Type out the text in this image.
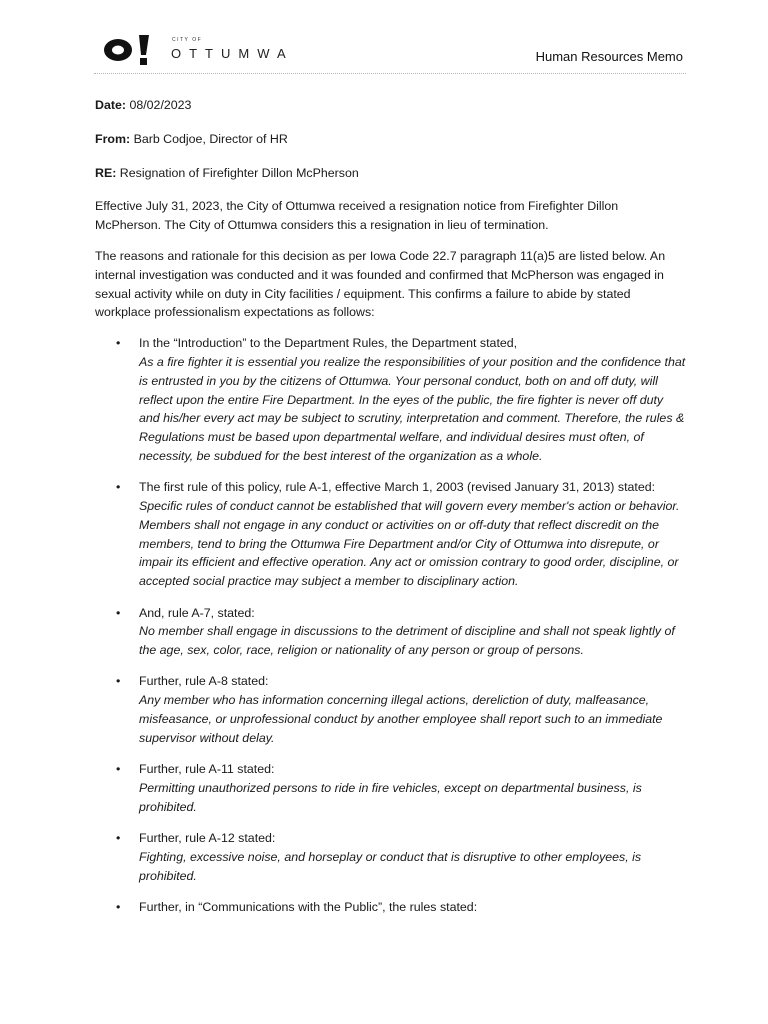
CITY OF
OTTUMWA	Human Resources Memo

Date: 08/02/2023

From: Barb Codjoe, Director of HR

RE: Resignation of Firefighter Dillon McPherson

Effective July 31, 2023, the City of Ottumwa received a resignation notice from Firefighter Dillon McPherson. The City of Ottumwa considers this a resignation in lieu of termination.

The reasons and rationale for this decision as per Iowa Code 22.7 paragraph 11(a)5 are listed below. An internal investigation was conducted and it was founded and confirmed that McPherson was engaged in sexual activity while on duty in City facilities / equipment. This confirms a failure to abide by stated workplace professionalism expectations as follows:

• In the “Introduction” to the Department Rules, the Department stated,
As a fire fighter it is essential you realize the responsibilities of your position and the confidence that is entrusted in you by the citizens of Ottumwa. Your personal conduct, both on and off duty, will reflect upon the entire Fire Department. In the eyes of the public, the fire fighter is never off duty and his/her every act may be subject to scrutiny, interpretation and comment. Therefore, the rules & Regulations must be based upon departmental welfare, and individual desires must often, of necessity, be subdued for the best interest of the organization as a whole.
• The first rule of this policy, rule A-1, effective March 1, 2003 (revised January 31, 2013) stated:
Specific rules of conduct cannot be established that will govern every member's action or behavior. Members shall not engage in any conduct or activities on or off-duty that reflect discredit on the members, tend to bring the Ottumwa Fire Department and/or City of Ottumwa into disrepute, or impair its efficient and effective operation. Any act or omission contrary to good order, discipline, or accepted social practice may subject a member to disciplinary action.
• And, rule A-7, stated:
No member shall engage in discussions to the detriment of discipline and shall not speak lightly of the age, sex, color, race, religion or nationality of any person or group of persons.
• Further, rule A-8 stated:
Any member who has information concerning illegal actions, dereliction of duty, malfeasance, misfeasance, or unprofessional conduct by another employee shall report such to an immediate supervisor without delay.
• Further, rule A-11 stated:
Permitting unauthorized persons to ride in fire vehicles, except on departmental business, is prohibited.
• Further, rule A-12 stated:
Fighting, excessive noise, and horseplay or conduct that is disruptive to other employees, is prohibited.
• Further, in “Communications with the Public”, the rules stated:
